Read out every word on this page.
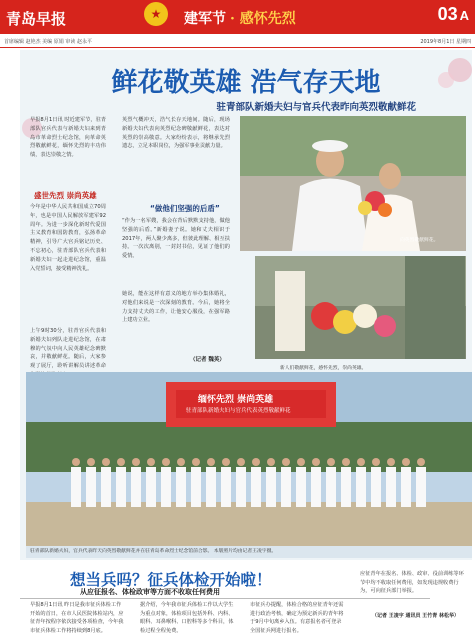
青岛早报	★	建军节 · 感怀先烈	03 A
首席编辑 赵艳杰 美编 原娟 审读 赵永平	2019年8月1日 星期四
鲜花敬英雄 浩气存天地
驻青部队新婚夫妇与官兵代表昨向英烈敬献鲜花
早报8月1日讯 时近建军节，驻青部队官兵代表与新婚夫妇来到青岛市革命烈士纪念馆，向革命英烈敬献鲜花，缅怀先烈的丰功伟绩，表达崇敬之情。
盛世先烈 崇尚英雄
今年是中华人民共和国成立70周年，也是中国人民解放军建军92周年。为进一步深化新时代爱国主义教育和国防教育，弘扬革命精神，引导广大官兵铭记历史、不忘初心，驻青部队官兵代表和新婚夫妇一起走进纪念馆，重温入党誓词，接受精神洗礼。
上午9时30分，驻青官兵代表和新婚夫妇列队走进纪念馆，在肃穆的气氛中向人民英雄纪念碑默哀，并敬献鲜花。随后，大家参观了展厅，聆听讲解员讲述革命
英烈气概冲天，浩气长存天地间。随后，现场新婚夫妇代表向英烈纪念碑敬献鲜花，表达对英烈的崇高敬意。大家纷纷表示，将继承先烈遗志，立足本职岗位，为强军事业贡献力量。
“做他们坚强的后盾”
“作为一名军嫂，我会在背后默默支持他，做他坚强的后盾。”新婚妻子说。她和丈夫相识于2017年，两人聚少离多，但彼此理解、相互扶持。一次次离别，一封封书信，见证了他们的爱情。
她说，能在这样有意义的地方举办集体婚礼，对他们来说是一次深刻的教育。今后，她将全力支持丈夫的工作，让他安心服役，在强军路上建功立业。
（记者 魏英）
向英烈敬献鲜花。
新人们敬献鲜花，感怀先烈，崇尚英雄。
缅怀先烈 崇尚英雄
驻青部队新婚夫妇与官兵代表英烈敬献鲜花
驻青部队新婚夫妇，官兵代表昨天向英烈敬献鲜花并在驻青岛革命烈士纪念馆前合影。 本版照片均由记者王凌宇摄。
想当兵吗？征兵体检开始啦！
从应征报名、体检政审等方面不收取任何费用
早报8月1日讯 昨日是我市征兵体检工作开始的首日，在市人民医院体检站内，应征青年按程序依次接受各项检查，今年我市征兵体检工作将持续到8月底。
据介绍，今年我市征兵体检工作以大学生为重点对象，体检项目包括外科、内科、眼科、耳鼻喉科、口腔科等多个科目，体检过程全程免费。
市征兵办提醒，体检合格的应征青年还需进行政治考核，确定为预定新兵的青年将于9月中旬离乡入伍。有意报名者可登录全国征兵网进行报名。
应征青年在报名、体检、政审、役前训练等环节中均不收取任何费用，如发现违规收费行为，可向征兵部门举报。
（记者 王凌宇 通讯员 王竹青 林松华）
